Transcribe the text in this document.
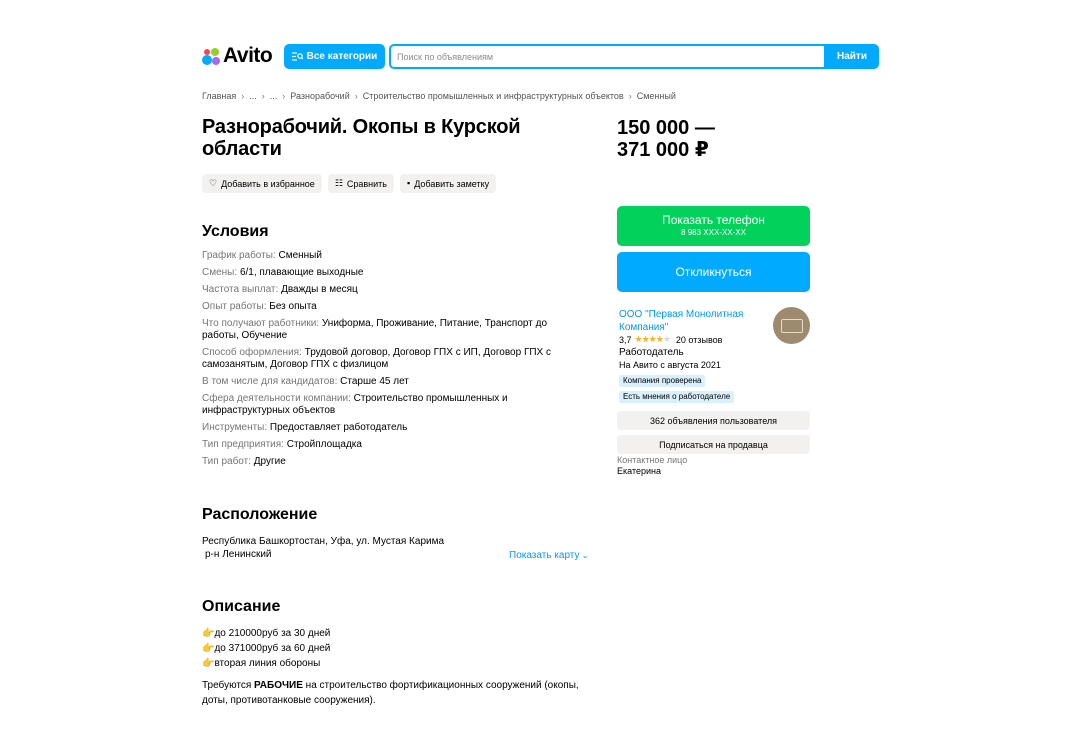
Avito	Все категории
Поиск по объявлениям	Найти
Главная › ... › ... › Разнорабочий › Строительство промышленных и инфраструктурных объектов › Сменный
Разнорабочий. Окопы в Курской области
♡ Добавить в избранное ☷ Сравнить ▪ Добавить заметку
Условия
График работы: Сменный
Смены: 6/1, плавающие выходные
Частота выплат: Дважды в месяц
Опыт работы: Без опыта
Что получают работники: Униформа, Проживание, Питание, Транспорт до работы, Обучение
Способ оформления: Трудовой договор, Договор ГПХ с ИП, Договор ГПХ с самозанятым, Договор ГПХ с физлицом
В том числе для кандидатов: Старше 45 лет
Сфера деятельности компании: Строительство промышленных и инфраструктурных объектов
Инструменты: Предоставляет работодатель
Тип предприятия: Стройплощадка
Тип работ: Другие
Расположение
Республика Башкортостан, Уфа, ул. Мустая Карима
р-н Ленинский	Показать карту ⌄
Описание
👉до 210000руб за 30 дней
👉до 371000руб за 60 дней
👉вторая линия обороны

Требуются РАБОЧИЕ на строительство фортификационных сооружений (окопы, доты, противотанковые сооружения).

150 000 — 371 000 ₽
Показать телефон
8 983 XXX-XX-XX
Откликнуться
ООО "Первая Монолитная Компания"
3,7 ★★★★★ 20 отзывов
Работодатель
На Авито с августа 2021
Компания проверена
Есть мнения о работодателе
362 объявления пользователя
Подписаться на продавца
Контактное лицо
Екатерина
